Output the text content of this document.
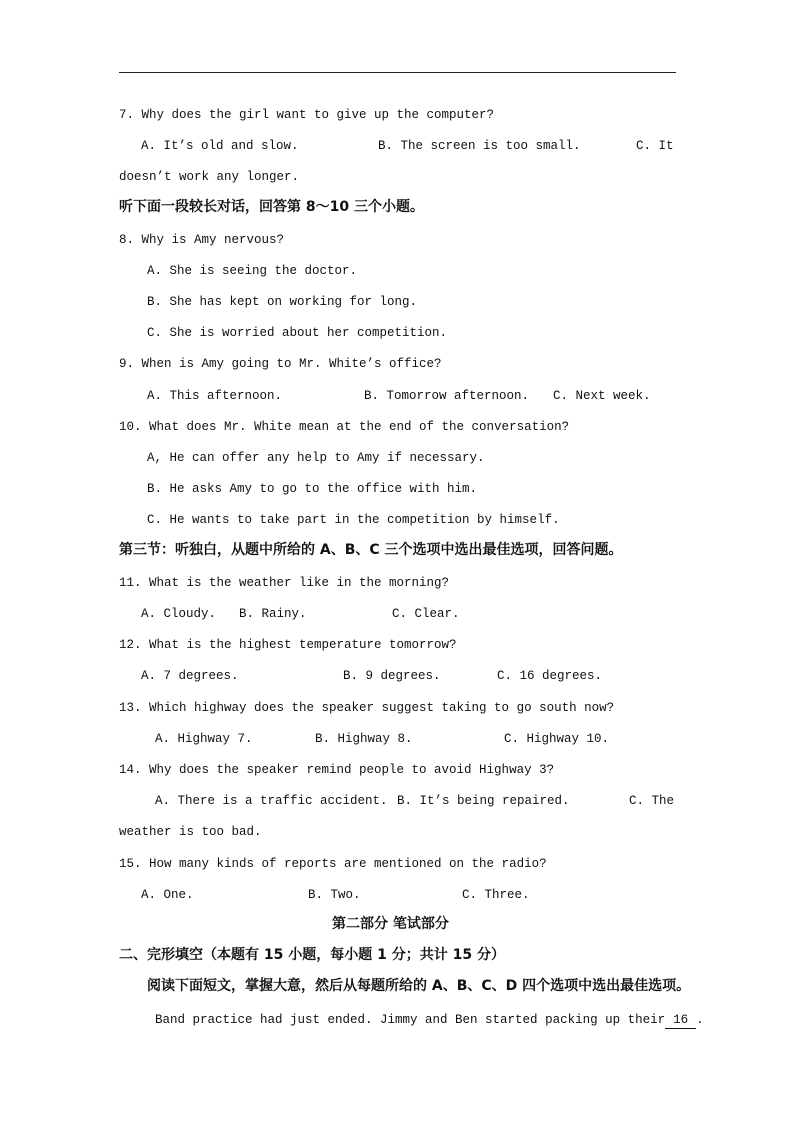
7. Why does the girl want to give up the computer?
A. It’s old and slow.	B. The screen is too small.	C. It
doesn’t work any longer.
听下面一段较长对话，回答第 8～10 三个小题。
8. Why is Amy nervous?
A. She is seeing the doctor.
B. She has kept on working for long.
C. She is worried about her competition.
9. When is Amy going to Mr. White’s office?
A. This afternoon.	B. Tomorrow afternoon. C. Next week.
10. What does Mr. White mean at the end of the conversation?
A, He can offer any help to Amy if necessary.
B. He asks Amy to go to the office with him.
C. He wants to take part in the competition by himself.
第三节：听独白，从题中所给的 A、B、C 三个选项中选出最佳选项，回答问题。
11. What is the weather like in the morning?
A. Cloudy. B. Rainy.	C. Clear.
12. What is the highest temperature tomorrow?
A. 7 degrees.	B. 9 degrees.	C. 16 degrees.
13. Which highway does the speaker suggest taking to go south now?
A. Highway 7.	B. Highway 8.	C. Highway 10.
14. Why does the speaker remind people to avoid Highway 3?
A. There is a traffic accident. B. It’s being repaired.	C. The
weather is too bad.
15. How many kinds of reports are mentioned on the radio?
A. One.	B. Two.	C. Three.
第二部分 笔试部分
二、完形填空（本题有 15 小题，每小题 1 分；共计 15 分）
阅读下面短文，掌握大意，然后从每题所给的 A、B、C、D 四个选项中选出最佳选项。
Band practice had just ended. Jimmy and Ben started packing up their 16 .
